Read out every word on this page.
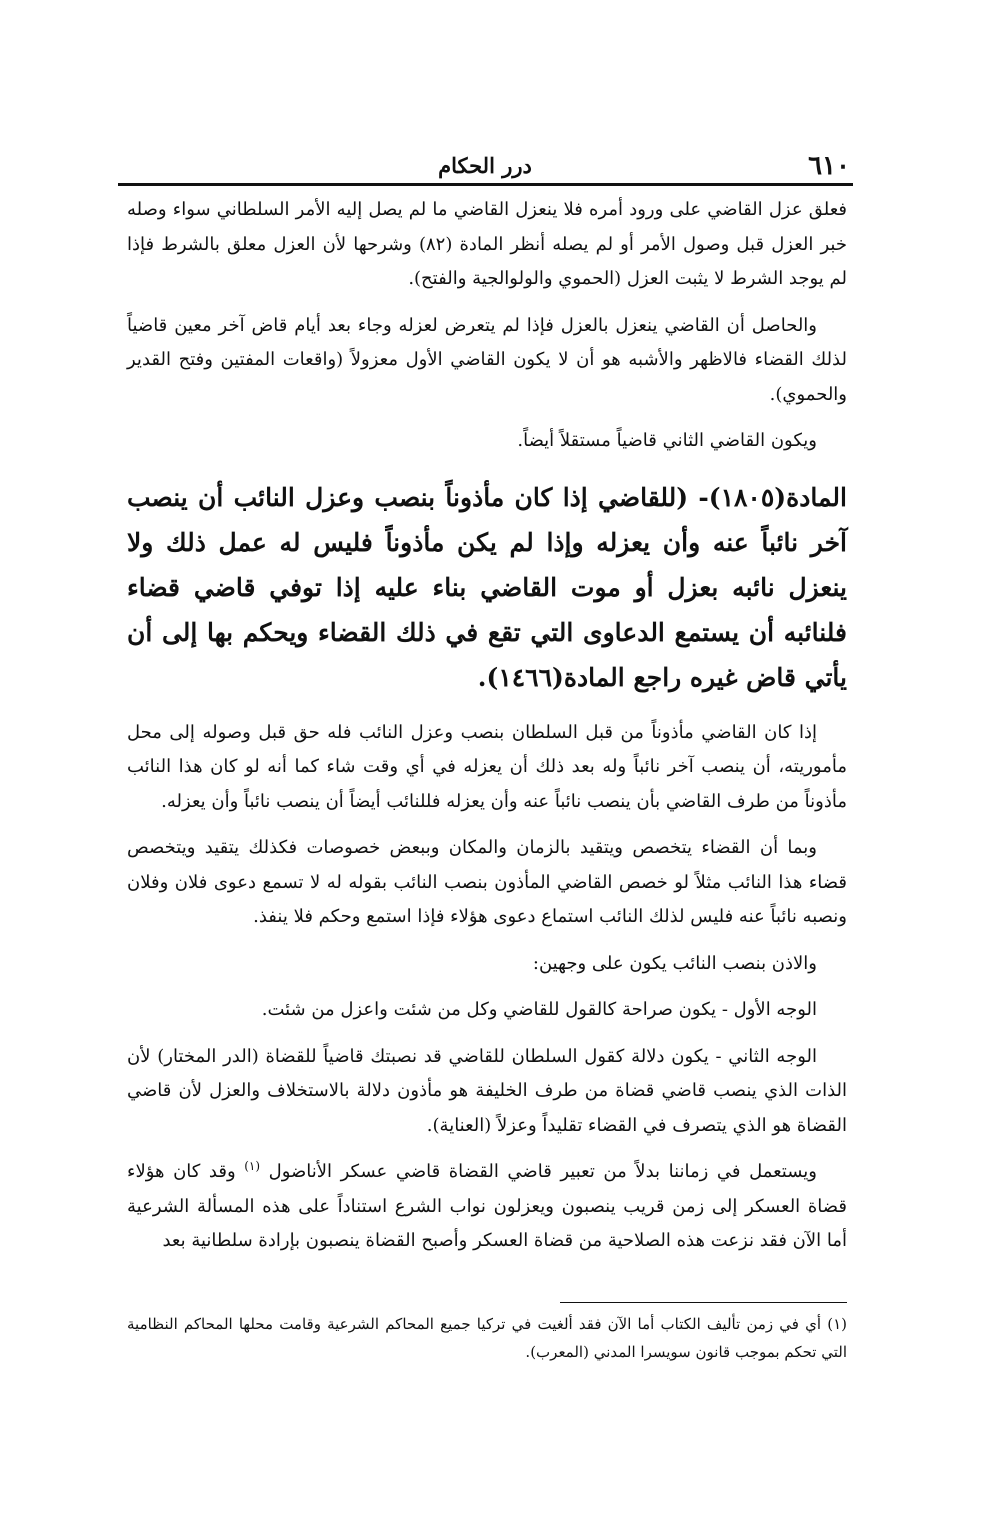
٦١٠
درر الحكام

فعلق عزل القاضي على ورود أمره فلا ينعزل القاضي ما لم يصل إليه الأمر السلطاني سواء وصله خبر العزل قبل وصول الأمر أو لم يصله أنظر المادة (٨٢) وشرحها لأن العزل معلق بالشرط فإذا لم يوجد الشرط لا يثبت العزل (الحموي والولوالجية والفتح).

والحاصل أن القاضي ينعزل بالعزل فإذا لم يتعرض لعزله وجاء بعد أيام قاض آخر معين قاضياً لذلك القضاء فالاظهر والأشبه هو أن لا يكون القاضي الأول معزولاً (واقعات المفتين وفتح القدير والحموي).

ويكون القاضي الثاني قاضياً مستقلاً أيضاً.

المادة(١٨٠٥)- (للقاضي إذا كان مأذوناً بنصب وعزل النائب أن ينصب آخر نائباً عنه وأن يعزله وإذا لم يكن مأذوناً فليس له عمل ذلك ولا ينعزل نائبه بعزل أو موت القاضي بناء عليه إذا توفي قاضي قضاء فلنائبه أن يستمع الدعاوى التي تقع في ذلك القضاء ويحكم بها إلى أن يأتي قاض غيره راجع المادة(١٤٦٦).

إذا كان القاضي مأذوناً من قبل السلطان بنصب وعزل النائب فله حق قبل وصوله إلى محل مأموريته، أن ينصب آخر نائباً وله بعد ذلك أن يعزله في أي وقت شاء كما أنه لو كان هذا النائب مأذوناً من طرف القاضي بأن ينصب نائباً عنه وأن يعزله فللنائب أيضاً أن ينصب نائباً وأن يعزله.

وبما أن القضاء يتخصص ويتقيد بالزمان والمكان وببعض خصوصات فكذلك يتقيد ويتخصص قضاء هذا النائب مثلاً لو خصص القاضي المأذون بنصب النائب بقوله له لا تسمع دعوى فلان وفلان ونصبه نائباً عنه فليس لذلك النائب استماع دعوى هؤلاء فإذا استمع وحكم فلا ينفذ.

والاذن بنصب النائب يكون على وجهين:

الوجه الأول - يكون صراحة كالقول للقاضي وكل من شئت واعزل من شئت.

الوجه الثاني - يكون دلالة كقول السلطان للقاضي قد نصبتك قاضياً للقضاة (الدر المختار) لأن الذات الذي ينصب قاضي قضاة من طرف الخليفة هو مأذون دلالة بالاستخلاف والعزل لأن قاضي القضاة هو الذي يتصرف في القضاء تقليداً وعزلاً (العناية).

ويستعمل في زماننا بدلاً من تعبير قاضي القضاة قاضي عسكر الأناضول $^{(١)}$ وقد كان هؤلاء قضاة العسكر إلى زمن قريب ينصبون ويعزلون نواب الشرع استناداً على هذه المسألة الشرعية أما الآن فقد نزعت هذه الصلاحية من قضاة العسكر وأصبح القضاة ينصبون بإرادة سلطانية بعد

(١) أي في زمن تأليف الكتاب أما الآن فقد ألغيت في تركيا جميع المحاكم الشرعية وقامت محلها المحاكم النظامية التي تحكم بموجب قانون سويسرا المدني (المعرب).
